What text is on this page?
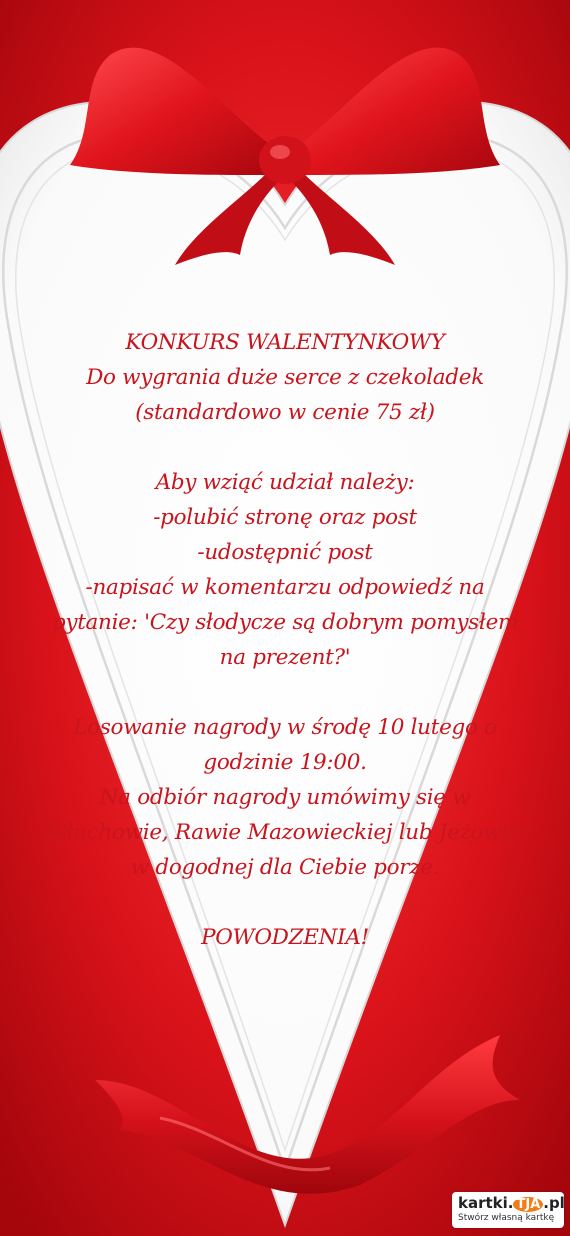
KONKURS WALENTYNKOWY
Do wygrania duże serce z czekoladek
(standardowo w cenie 75 zł)
Aby wziąć udział należy:
-polubić stronę oraz post
-udostępnić post
-napisać w komentarzu odpowiedź na
pytanie: 'Czy słodycze są dobrym pomysłem
na prezent?'
Losowanie nagrody w środę 10 lutego o
godzinie 19:00.
Na odbiór nagrody umówimy się w
Głuchowie, Rawie Mazowieckiej lub Jeżowie
w dogodnej dla Ciebie porze.
POWODZENIA!
kartki. TJA .pl
Stwórz własną kartkę
